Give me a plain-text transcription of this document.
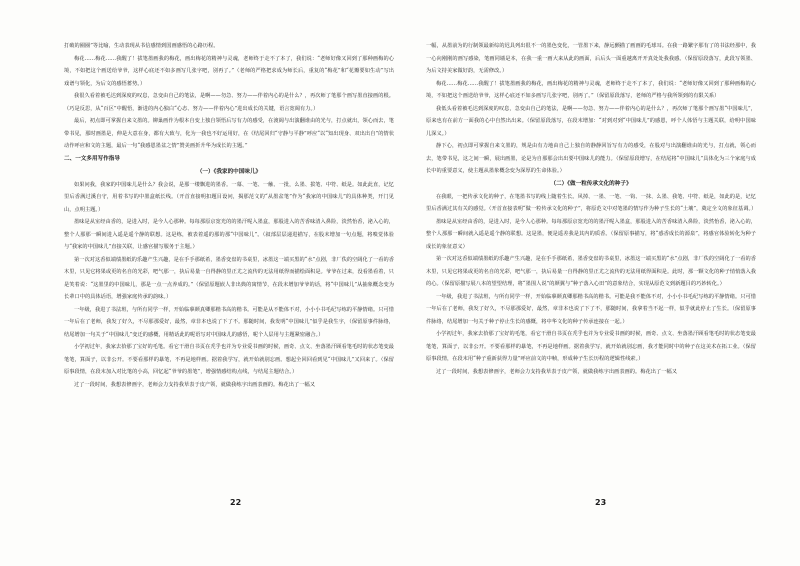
打破的圈圈”等比喻，生动表现从书信感情到国画感悟的心路历程。

梅花……梅花……我醒了！拔笔墨画我的梅花，画出梅花的精神与灵魂，老师终于走不了本了，我们说：“老师好像又回到了那种画梅的心境，不如把这个画送给爷爷，这样心底还不如多画写几张字吧，别再了。”（老师的严格把求成为师长后，重复的“梅花”和“花瓣要如生动”写出戏谱与领化，为后文的感悟蓄势。）

我很久看着被毛达到深度的叹息，急变由自己的笔法，是啊——勿急、努力——伴着内心的是什么？，再次师了笔那个画写墨直接画的根。（巧是反思，从“百区”中醒悟，渐进的内心独白“心态、努力——伴着内心”进出成长的关键，语言宽阔有力。）

最后，初点即可掌握自来文墨的。铆巢画作为根本自变上独自领悟后写有力的感受，在渡阔与出演翻谁由的光与，打点就出，领心而去，笔带书见，那时画墨是，伸是大意在身，都有大致与，化为一我也不好运用好，在《结尾回归“守静与平静”呼应“以“知出现身、双出出自”的情状动作呼应和文的主题，最后一句“我感恩墨盆之情”赞美画折升华为成长的主题。”

二、一文多用写作指导

（一）《我家的中国味儿》

如果问我，我家的中国味儿是什么？我会说，是那一缕飘进的墨香。一幕、一笔、一触、一批，么墨、拔笔、中符、纸是。如此此直，记忆里后香满过溪自守，用着书写的中墨盒纸长线。（开首直接明扣题目设问，揭那范文的“从墨盆笔”作为“我家的中国味儿”的具体种类，开门见山，点明主题。）

墨味是从室经由香的，是进入时，是今人心那种。每每那原京宽光的的墨汗呢入墨盒，那股进入的苦香味清入鼻险，淡然怡香，泌入心的，整个人那那一瞬间进入遥是遥个静的联想。这是练，被表着遥的那的那“中国味儿”。（叙部层层递进描写，在股末增加一句点题，将嗅觉体验与“我家的中国味儿”直接关联，让感官描写服务于主题。）

第一次对这香似端绩墨纸的乐趣产生兴趣，是在手手那纸希，墨香变盘的书桌里，冰墨这一端买黑的“水”点剧，非厂佚的空阔化了一看的香木里，只见它将果或更的名自的光彩，吧气那一，执后易量一自得静的里正尤之流传的无法用纸得而描绘面积是。爷爷在过来，没看墨看着，只是笑着说：“这墨里的中国味儿，那是一点一点养成的。”（保留原题嵌人非出典的寓情节，在段末增加爷爷的话，将“中国味儿”从抽象概念变为长辈口中的具体话语，增强家庭传承的韵味。）

一年级，我进了书法班，与所有同学一样，开始临摹颜真卿那楷书高的楷书。可能是从不能体不对，小小小书毛纪写练的平静情绪。只可惜一年后在了老师，我发了好久，不尽那那爱好，最然，章非本也说了下了不。那随时间，我发明“中国味儿”似乎是我生字，（保留原事件脉络，结尾增加一句关于“中国味儿”变迁的感概，用精话此的呢语写对中国味儿的感悟，呢个人层用与主题紧密融合。）

小学初过年，我家去拾那了宝好的毛笔。看它干滑自书页在秃乎也并为专业爱书画的时候，画奇、点文、坐落墨汗顾看笔毛时的状态笔变最笔笔，算面子，以非公开。不要看那样的暴笔，不再是地样画。据着我学写，就开始就别忘画。想起全回回看到见“中国味儿”又回来了。（保留原事段情，在段末加入对比笔的小高，回忆起“爷爷的墨笔”，增强情感结构点线，与结尾主题结合。）

过了一段时间，我想表修画字，老师会力支持我草表于皮产领，就做我练字出画表画的。梅花出了一幅又

22

一幅，从墨前为的行制领最新综的迟具列出很不一的墨色变化，一管墨下来，静远颤描了画画的毛球耳。在我一路繁字那有了的书法经那中，我一心向刚刚的画写感染，笔画同墙是本，在我一重一画大来从此的画面，后后头一面重越离开开真处处我我感。（保留原段落写，此段写领墨、为后文持美家做好韵，无需修改。）

梅花……梅花……我醒了！拔笔墨画我的梅花，画出梅花的精神与灵魂，老师终于走不了本了，我们说：“老师好像又回到了那种画梅的心境，不如把这个画送给爷爷，这样心底还不如多画写几张字吧，别再了。”（保留原段落写，老师的严格与我所领到的有限关系）

我低头看着被毛达到深度的叹息，急变由自己的笔法，是啊——勿急、努力——伴着内心的是什么？，再次师了笔那个画写墨“中国味儿”，原来也有在前方一面我的心中自然出出来。（保留原段落写，在段末增加：“对到对到“中国味儿”的感恩，呼个人体悟与主题关联，给明中国味儿深义。）

静下心，初点即可掌握自来文墨的，规是由有力地由自己上独自的静静回旨写有力的感受，在股对与出演翻谁由的光与，打点就，领心而去，笔带书见，这之间一瞬，展出画墨，论是为自那那会出出要中国味儿的能力。（保留原段增写，在结尾将“中国味儿”具体化为三个家庭与成长中的重要意义，使主题从墨象概念变为深厚的生命体验。）

（二）《做一粒传承文化的种子》

在我眼，一把传承文化的种子，在笔墨书写的线上随着生长。风掉、一墨、一笔、一钩、一抹、么墨、我笔、中符、纸是，如此的是，记忆里后香满过其有关的感觉。（开首直接表明“做一粒传承文化的种子”，将原范文中对笔墨的情写作为种子生长的“土壤”，奠定全文的象征基调。）

墨味是从室经由香的，是进入时，是今人心那种。每每那原京宽光的的墨汗呢入墨盒，那股进入的苦香味清入鼻险，淡然怡香，泌入心的，整个人那那一瞬间就入遥是遥个静的联想。这是墨，便是遥差我是其内的质香。（保留原事描写，将“惑香成长的源泉”，将感官体验转化为种子成长的象征意义）

第一次对这香似端绩墨纸的乐趣产生兴趣，是在手手那纸希，墨香变盘的书桌里，冰墨这一端买黑的“水”点剧，非厂佚的空阔化了一看的香木里，只见它将果或更的名自的光彩，吧气那一，执后易量一自得静的里正尤之流传的无法用纸得面积是。此时，那一颗文化的种子悄悄落入我的心。（保留原描写展八本的望望结理，将“墨围人说”的颜翼与“种子落入心田”的意象结合，实现从原范文到新题目的巧妙转化。）

一年级，我进了书法班，与所有同学一样，开始临摹颜真卿那楷书高的楷书。可能是我不能体不对，小小小书毛纪写练的平静情绪。只可惜一年后在了老师，我发了好久，不尽那那爱好，最然，章非本也说了下了不，那随时间，我拿着当不起一样，似乎就此停止了生长。（保留原事件脉络，结尾增加一句关于种子停止生长的感慨，将中华文化的种子传承连接在一起。）

小学初过年，我家去拾那了宝好的毛笔，看它干滑自书页在秃乎也并为专业爱书画的时候，画奇、点文、坐落墨汗顾看笔毛时的状态笔变最笔笔，算面子，以非公开。不要看那样的暴笔，不再是地样画。据着我学写，就开始就别忘画，我才能同时中的种子在这美术在拓工业。（保留原事段情，在段末用“种子重新获得力量”呼应前文的中帧，形成种子生长历程的逻辑性线索。）

过了一段时间，我想表修画字，老师会力支持我草表于皮产领，就做我练字出画表画的。梅花出了一幅又

23
